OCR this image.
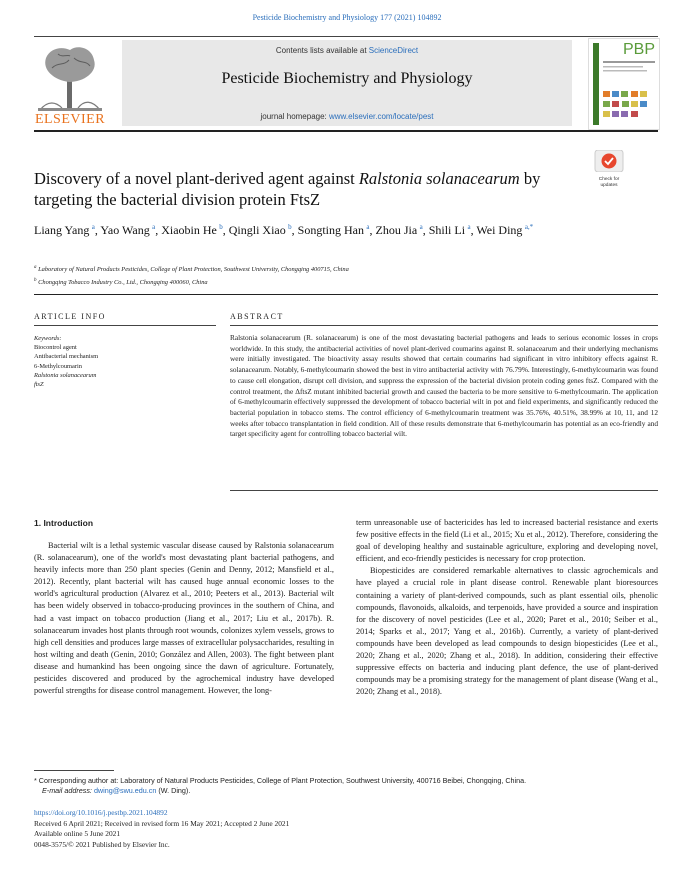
Pesticide Biochemistry and Physiology 177 (2021) 104892
ELSEVIER
Contents lists available at ScienceDirect
Pesticide Biochemistry and Physiology
journal homepage: www.elsevier.com/locate/pest
PBP
Discovery of a novel plant-derived agent against Ralstonia solanacearum by targeting the bacterial division protein FtsZ
Check for
updates
Liang Yang  $^a$, Yao Wang  $^a$, Xiaobin He  $^b$, Qingli Xiao  $^b$, Songting Han  $^a$, Zhou Jia  $^a$, Shili Li  $^a$, Wei Ding  $^{a,*}$
$^a$ Laboratory of Natural Products Pesticides, College of Plant Protection, Southwest University, Chongqing 400715, China
$^b$ Chongqing Tobacco Industry Co., Ltd., Chongqing 400060, China
ARTICLE INFO
Keywords:
Biocontrol agent
Antibacterial mechanism
6-Methylcoumarin
Ralstonia solanacearum
ftsZ
ABSTRACT
Ralstonia solanacearum (R. solanacearum) is one of the most devastating bacterial pathogens and leads to serious economic losses in crops worldwide. In this study, the antibacterial activities of novel plant-derived coumarins against R. solanacearum and their underlying mechanisms were initially investigated. The bioactivity assay results showed that certain coumarins had significant in vitro inhibitory effects against R. solanacearum. Notably, 6-methylcoumarin showed the best in vitro antibacterial activity with 76.79%. Interestingly, 6-methylcoumarin was found to cause cell elongation, disrupt cell division, and suppress the expression of the bacterial division protein coding genes ftsZ. Compared with the control treatment, the ΔftsZ mutant inhibited bacterial growth and caused the bacteria to be more sensitive to 6-methylcoumarin. The application of 6-methylcoumarin effectively suppressed the development of tobacco bacterial wilt in pot and field experiments, and significantly reduced the bacterial population in tobacco stems. The control efficiency of 6-methylcoumarin treatment was 35.76%, 40.51%, 38.99% at 10, 11, and 12 weeks after tobacco transplantation in field condition. All of these results demonstrate that 6-methylcoumarin has potential as an eco-friendly and target specificity agent for controlling tobacco bacterial wilt.
1. Introduction

Bacterial wilt is a lethal systemic vascular disease caused by Ralstonia solanacearum (R. solanacearum), one of the world's most devastating plant bacterial pathogens, and heavily infects more than 250 plant species (Genin and Denny, 2012; Mansfield et al., 2012). Recently, plant bacterial wilt has caused huge annual economic losses to the world's agricultural production (Alvarez et al., 2010; Peeters et al., 2013). Bacterial wilt has been widely observed in tobacco-producing provinces in the southern of China, and had a vast impact on tobacco production (Jiang et al., 2017; Liu et al., 2017b). R. solanacearum invades host plants through root wounds, colonizes xylem vessels, grows to high cell densities and produces large masses of extracellular polysaccharides, resulting in host wilting and death (Genin, 2010; González and Allen, 2003). The fight between plant disease and humankind has been ongoing since the dawn of agriculture. Fortunately, pesticides discovered and produced by the agrochemical industry have developed powerful strengths for disease control management. However, the long-

term unreasonable use of bactericides has led to increased bacterial resistance and exerts few positive effects in the field (Li et al., 2015; Xu et al., 2012). Therefore, considering the goal of developing healthy and sustainable agriculture, exploring and developing novel, efficient, and eco-friendly pesticides is necessary for crop protection.

Biopesticides are considered remarkable alternatives to classic agrochemicals and have played a crucial role in plant disease control. Renewable plant bioresources containing a variety of plant-derived compounds, such as plant essential oils, phenolic compounds, flavonoids, alkaloids, and terpenoids, have provided a source and inspiration for the discovery of novel pesticides (Lee et al., 2020; Paret et al., 2010; Seiber et al., 2014; Sparks et al., 2017; Yang et al., 2016b). Currently, a variety of plant-derived compounds have been developed as lead compounds to design biopesticides (Lee et al., 2020; Zhang et al., 2020; Zhang et al., 2018). In addition, considering their effective suppressive effects on bacteria and inducing plant defence, the use of plant-derived compounds may be a promising strategy for the management of plant disease (Wang et al., 2020; Zhang et al., 2018).

* Corresponding author at: Laboratory of Natural Products Pesticides, College of Plant Protection, Southwest University, 400716 Beibei, Chongqing, China.
E-mail address: dwing@swu.edu.cn (W. Ding).
https://doi.org/10.1016/j.pestbp.2021.104892
Received 6 April 2021; Received in revised form 16 May 2021; Accepted 2 June 2021
Available online 5 June 2021
0048-3575/© 2021 Published by Elsevier Inc.
